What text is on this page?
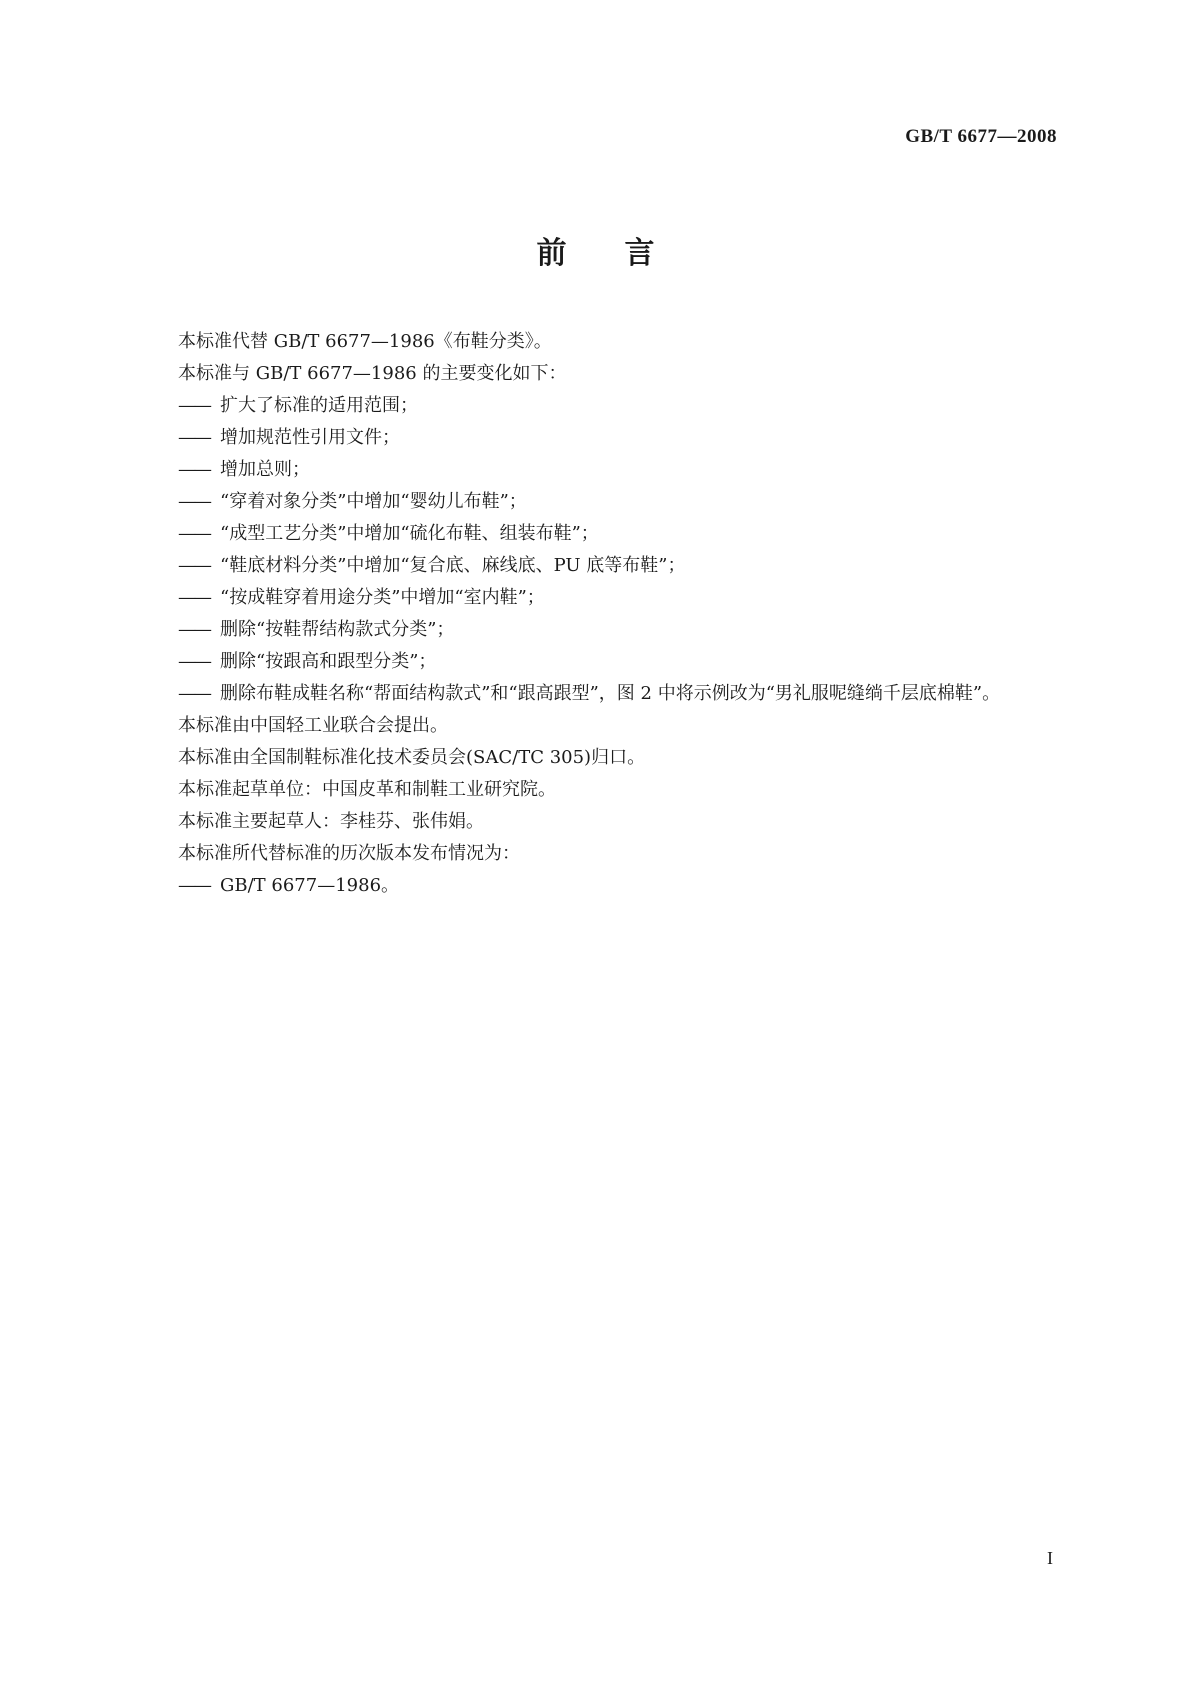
GB/T 6677—2008
前言

本标准代替 GB/T 6677—1986《布鞋分类》。

本标准与 GB/T 6677—1986 的主要变化如下：

—— 扩大了标准的适用范围；

—— 增加规范性引用文件；

—— 增加总则；

—— “穿着对象分类”中增加“婴幼儿布鞋”；

—— “成型工艺分类”中增加“硫化布鞋、组装布鞋”；

—— “鞋底材料分类”中增加“复合底、麻线底、PU 底等布鞋”；

—— “按成鞋穿着用途分类”中增加“室内鞋”；

—— 删除“按鞋帮结构款式分类”；

—— 删除“按跟高和跟型分类”；

—— 删除布鞋成鞋名称“帮面结构款式”和“跟高跟型”，图 2 中将示例改为“男礼服呢缝绱千层底棉鞋”。

本标准由中国轻工业联合会提出。

本标准由全国制鞋标准化技术委员会(SAC/TC 305)归口。

本标准起草单位：中国皮革和制鞋工业研究院。

本标准主要起草人：李桂芬、张伟娟。

本标准所代替标准的历次版本发布情况为：

—— GB/T 6677—1986。

I
